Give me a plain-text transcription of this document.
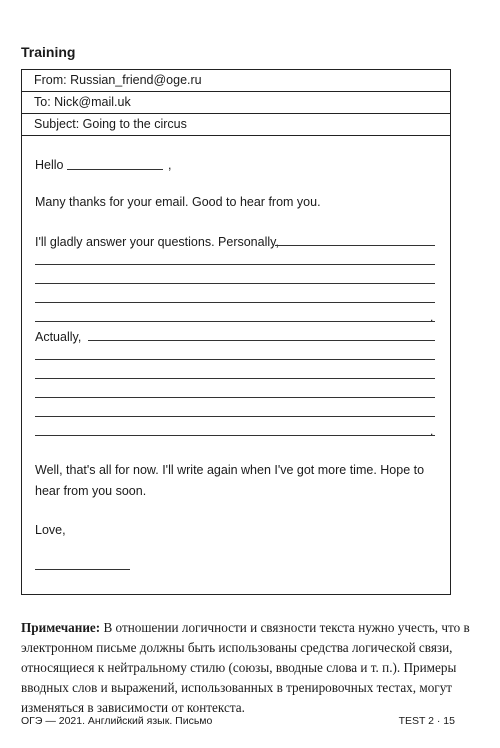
Training
From: Russian_friend@oge.ru
To: Nick@mail.uk
Subject: Going to the circus
Hello	,
Many thanks for your email. Good to hear from you.
I'll gladly answer your questions. Personally,
.
Actually,
.
Well, that's all for now. I'll write again when I've got more time. Hope to
hear from you soon.
Love,
Примечание: В отношении логичности и связности текста нужно учесть, что в электронном письме должны быть использованы средства логической связи, относящиеся к нейтральному стилю (союзы, вводные слова и т. п.). Примеры вводных слов и выражений, использованных в тренировочных тестах, могут изменяться в зависимости от контекста.
ОГЭ — 2021. Английский язык. Письмо	TEST 2 · 15
